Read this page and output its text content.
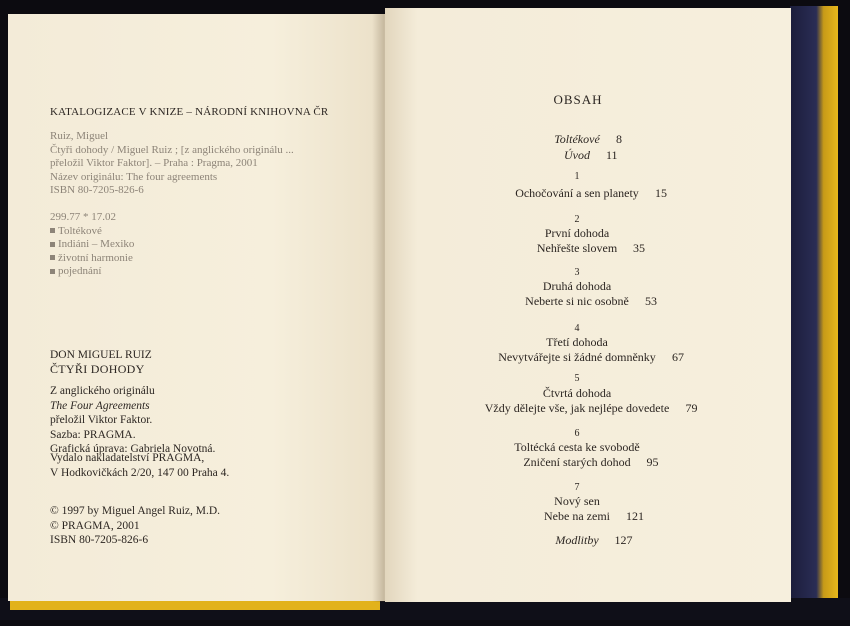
KATALOGIZACE V KNIZE – NÁRODNÍ KNIHOVNA ČR
Ruiz, Miguel
Čtyři dohody / Miguel Ruiz ; [z anglického originálu ...
přeložil Viktor Faktor]. – Praha : Pragma, 2001
Název originálu: The four agreements
ISBN 80-7205-826-6
299.77 * 17.02
Toltékové
Indiáni – Mexiko
životní harmonie
pojednání
DON MIGUEL RUIZ
ČTYŘI DOHODY
Z anglického originálu
The Four Agreements
přeložil Viktor Faktor.
Sazba: PRAGMA.
Grafická úprava: Gabriela Novotná.
Vydalo nakladatelství PRAGMA,
V Hodkovičkách 2/20, 147 00 Praha 4.
© 1997 by Miguel Angel Ruiz, M.D.
© PRAGMA, 2001
ISBN 80-7205-826-6
OBSAH
Toltékové
Úvod
1
Ochočování a sen planety
2
První dohoda
Nehřešte slovem
3
Druhá dohoda
Neberte si nic osobně
4
Třetí dohoda
Nevytvářejte si žádné domněnky
5
Čtvrtá dohoda
Vždy dělejte vše, jak nejlépe dovedete
6
Toltécká cesta ke svobodě
Zničení starých dohod
7
Nový sen
Nebe na zemi
Modlitby
8
11
15
35
53
67
79
95
121
127
